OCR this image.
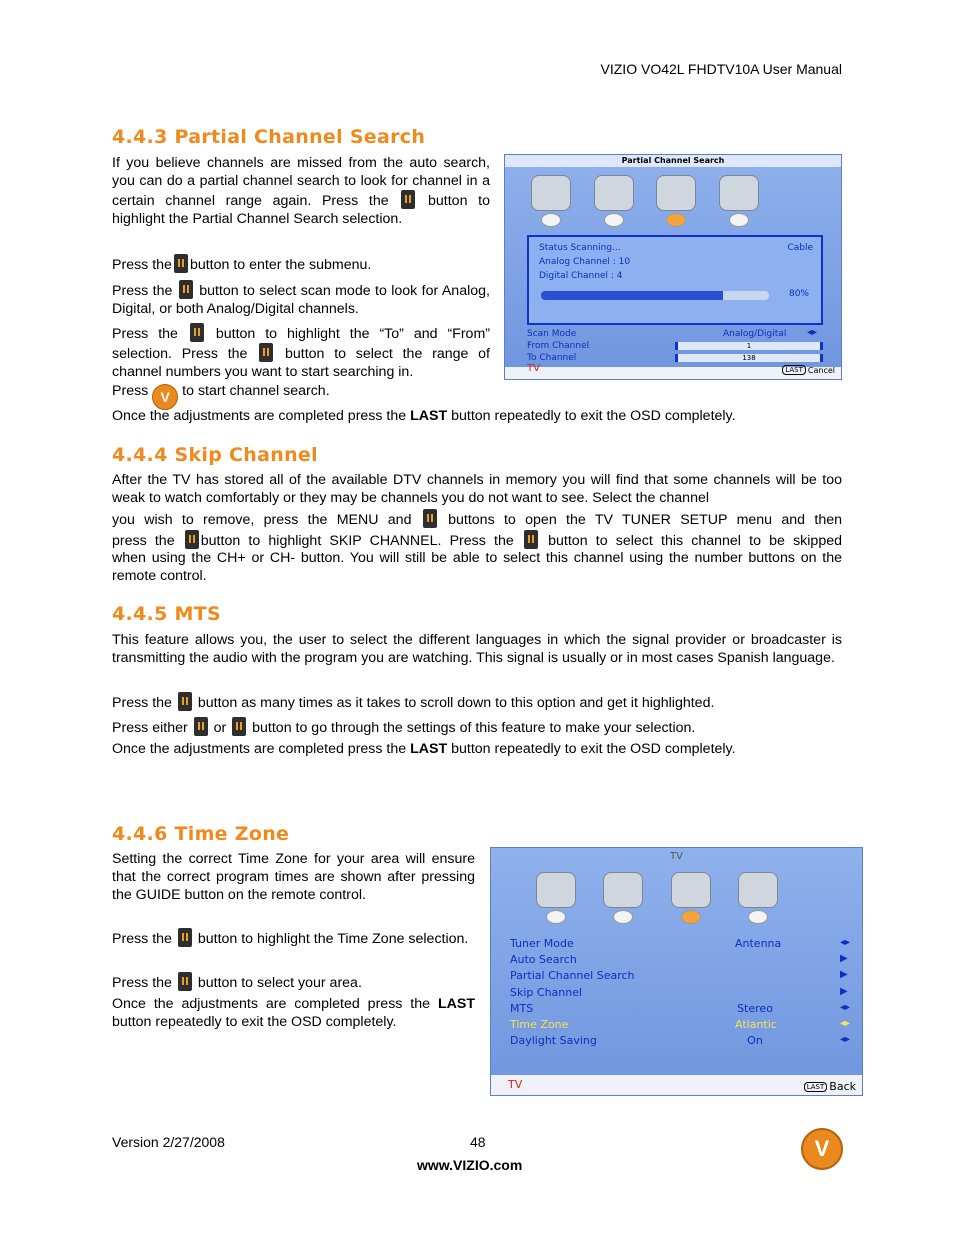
VIZIO VO42L FHDTV10A User Manual
4.4.3 Partial Channel Search
If you believe channels are missed from the auto search, you can do a partial channel search to look for channel in a certain channel range again. Press the	button to highlight the Partial Channel Search selection.
Press the button to enter the submenu.
Press the button to select scan mode to look for Analog, Digital, or both Analog/Digital channels.
Press the	button to highlight the “To” and “From” selection. Press the	button to select the range of channel numbers you want to start searching in.
Press V to start channel search.
Once the adjustments are completed press the LAST button repeatedly to exit the OSD completely.
Partial Channel Search
Status Scanning...	Cable
Analog Channel : 10
Digital Channel : 4
80%
Scan Mode	Analog/Digital ◂▸
From Channel	1
To Channel	138
TV	LAST Cancel
4.4.4 Skip Channel
After the TV has stored all of the available DTV channels in memory you will find that some channels will be too weak to watch comfortably or they may be channels you do not want to see. Select the channel
you wish to remove, press the MENU and	buttons to open the TV TUNER SETUP menu and then
press the button to highlight SKIP CHANNEL. Press the button to select this channel to be skipped
when using the CH+ or CH- button. You will still be able to select this channel using the number buttons on the remote control.
4.4.5 MTS
This feature allows you, the user to select the different languages in which the signal provider or broadcaster is transmitting the audio with the program you are watching. This signal is usually or in most cases Spanish language.
Press the button as many times as it takes to scroll down to this option and get it highlighted.
Press either or button to go through the settings of this feature to make your selection.
Once the adjustments are completed press the LAST button repeatedly to exit the OSD completely.
4.4.6 Time Zone
Setting the correct Time Zone for your area will ensure that the correct program times are shown after pressing the GUIDE button on the remote control.
Press the button to highlight the Time Zone selection.
Press the button to select your area.
Once the adjustments are completed press the LAST button repeatedly to exit the OSD completely.
TV
Tuner Mode	Antenna	◂▸
Auto Search	▶
Partial Channel Search	▶
Skip Channel	▶
MTS	Stereo	◂▸
Time Zone	Atlantic	◂▸
Daylight Saving	On	◂▸
TV	LAST Back
Version 2/27/2008	48
www.VIZIO.com
V
